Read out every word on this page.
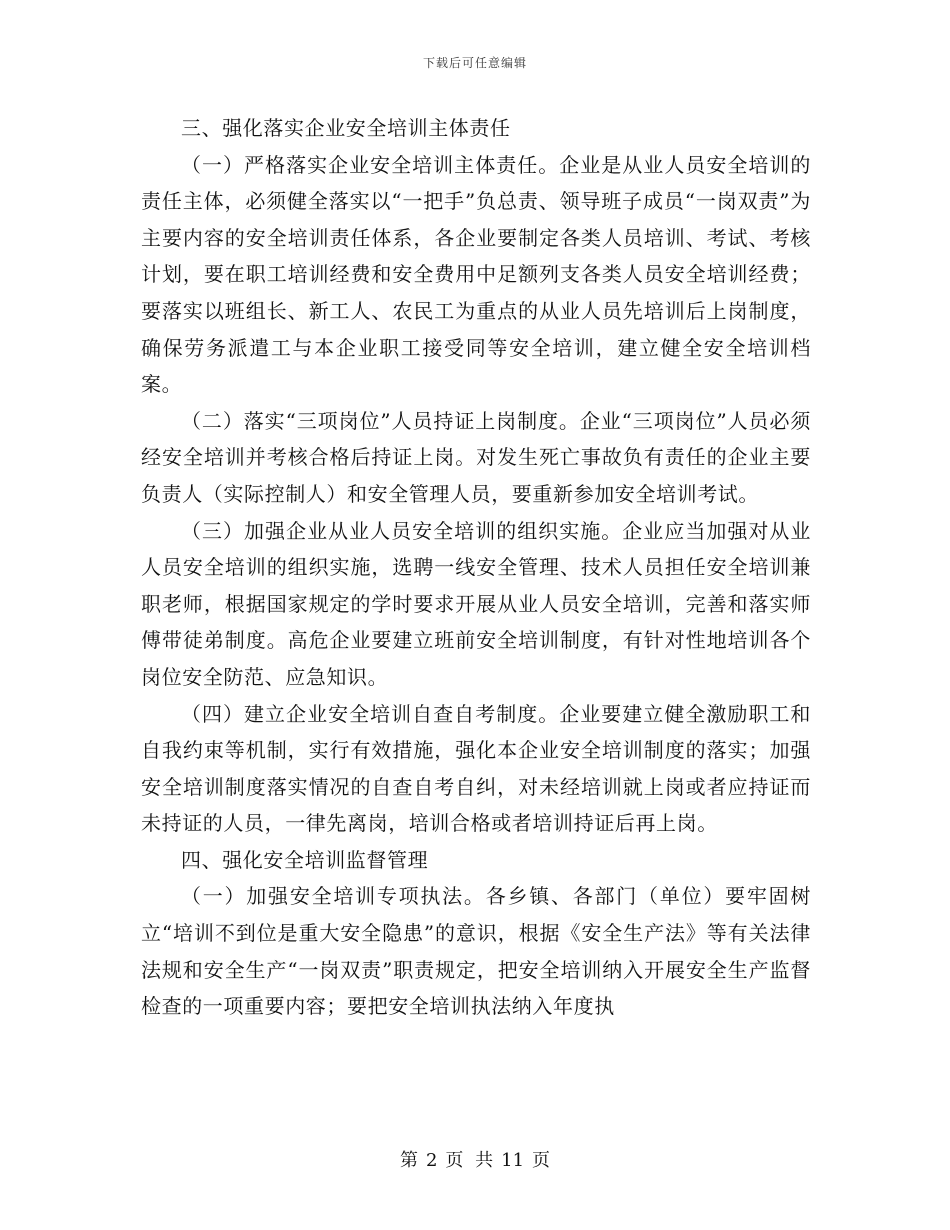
下载后可任意编辑

三、强化落实企业安全培训主体责任

（一）严格落实企业安全培训主体责任。企业是从业人员安全培训的责任主体，必须健全落实以“一把手”负总责、领导班子成员“一岗双责”为主要内容的安全培训责任体系，各企业要制定各类人员培训、考试、考核计划，要在职工培训经费和安全费用中足额列支各类人员安全培训经费；要落实以班组长、新工人、农民工为重点的从业人员先培训后上岗制度，确保劳务派遣工与本企业职工接受同等安全培训，建立健全安全培训档案。

（二）落实“三项岗位”人员持证上岗制度。企业“三项岗位”人员必须经安全培训并考核合格后持证上岗。对发生死亡事故负有责任的企业主要负责人（实际控制人）和安全管理人员，要重新参加安全培训考试。

（三）加强企业从业人员安全培训的组织实施。企业应当加强对从业人员安全培训的组织实施，选聘一线安全管理、技术人员担任安全培训兼职老师，根据国家规定的学时要求开展从业人员安全培训，完善和落实师傅带徒弟制度。高危企业要建立班前安全培训制度，有针对性地培训各个岗位安全防范、应急知识。

（四）建立企业安全培训自查自考制度。企业要建立健全激励职工和自我约束等机制，实行有效措施，强化本企业安全培训制度的落实；加强安全培训制度落实情况的自查自考自纠，对未经培训就上岗或者应持证而未持证的人员，一律先离岗，培训合格或者培训持证后再上岗。

四、强化安全培训监督管理

（一）加强安全培训专项执法。各乡镇、各部门（单位）要牢固树立“培训不到位是重大安全隐患”的意识，根据《安全生产法》等有关法律法规和安全生产“一岗双责”职责规定，把安全培训纳入开展安全生产监督检查的一项重要内容；要把安全培训执法纳入年度执

第 2 页 共 11 页
